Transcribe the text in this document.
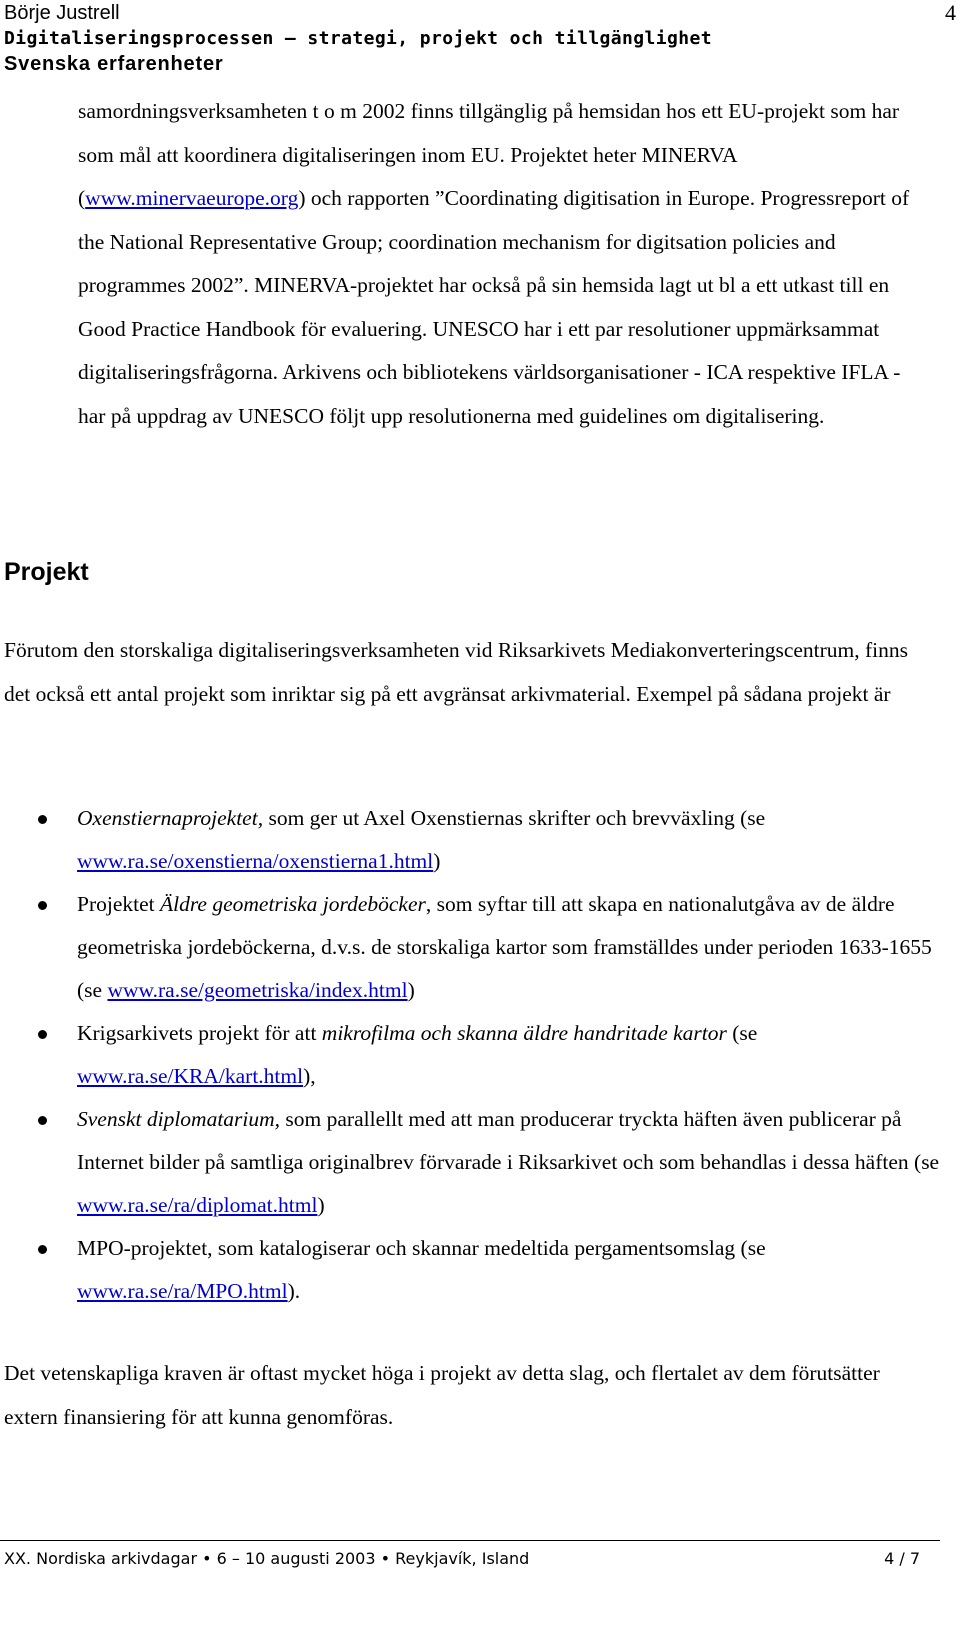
Börje Justrell
Digitaliseringsprocessen – strategi, projekt och tillgänglighet
Svenska erfarenheter
4

samordningsverksamheten t o m 2002 finns tillgänglig på hemsidan hos ett EU-projekt som har som mål att koordinera digitaliseringen inom EU. Projektet heter MINERVA (www.minervaeurope.org) och rapporten ”Coordinating digitisation in Europe. Progressreport of the National Representative Group; coordination mechanism for digitsation policies and programmes 2002”. MINERVA-projektet har också på sin hemsida lagt ut bl a ett utkast till en Good Practice Handbook för evaluering. UNESCO har i ett par resolutioner uppmärksammat digitaliseringsfrågorna. Arkivens och bibliotekens världsorganisationer - ICA respektive IFLA - har på uppdrag av UNESCO följt upp resolutionerna med guidelines om digitalisering.

Projekt

Förutom den storskaliga digitaliseringsverksamheten vid Riksarkivets Mediakonverteringscentrum, finns det också ett antal projekt som inriktar sig på ett avgränsat arkivmaterial. Exempel på sådana projekt är

Oxenstiernaprojektet, som ger ut Axel Oxenstiernas skrifter och brevväxling (se www.ra.se/oxenstierna/oxenstierna1.html)
Projektet Äldre geometriska jordeböcker, som syftar till att skapa en nationalutgåva av de äldre geometriska jordeböckerna, d.v.s. de storskaliga kartor som framställdes under perioden 1633-1655 (se www.ra.se/geometriska/index.html)
Krigsarkivets projekt för att mikrofilma och skanna äldre handritade kartor (se www.ra.se/KRA/kart.html),
Svenskt diplomatarium, som parallellt med att man producerar tryckta häften även publicerar på Internet bilder på samtliga originalbrev förvarade i Riksarkivet och som behandlas i dessa häften (se www.ra.se/ra/diplomat.html)
MPO-projektet, som katalogiserar och skannar medeltida pergamentsomslag (se www.ra.se/ra/MPO.html).

Det vetenskapliga kraven är oftast mycket höga i projekt av detta slag, och flertalet av dem förutsätter extern finansiering för att kunna genomföras.

XX. Nordiska arkivdagar • 6 – 10 augusti 2003 • Reykjavík, Island	4 / 7
